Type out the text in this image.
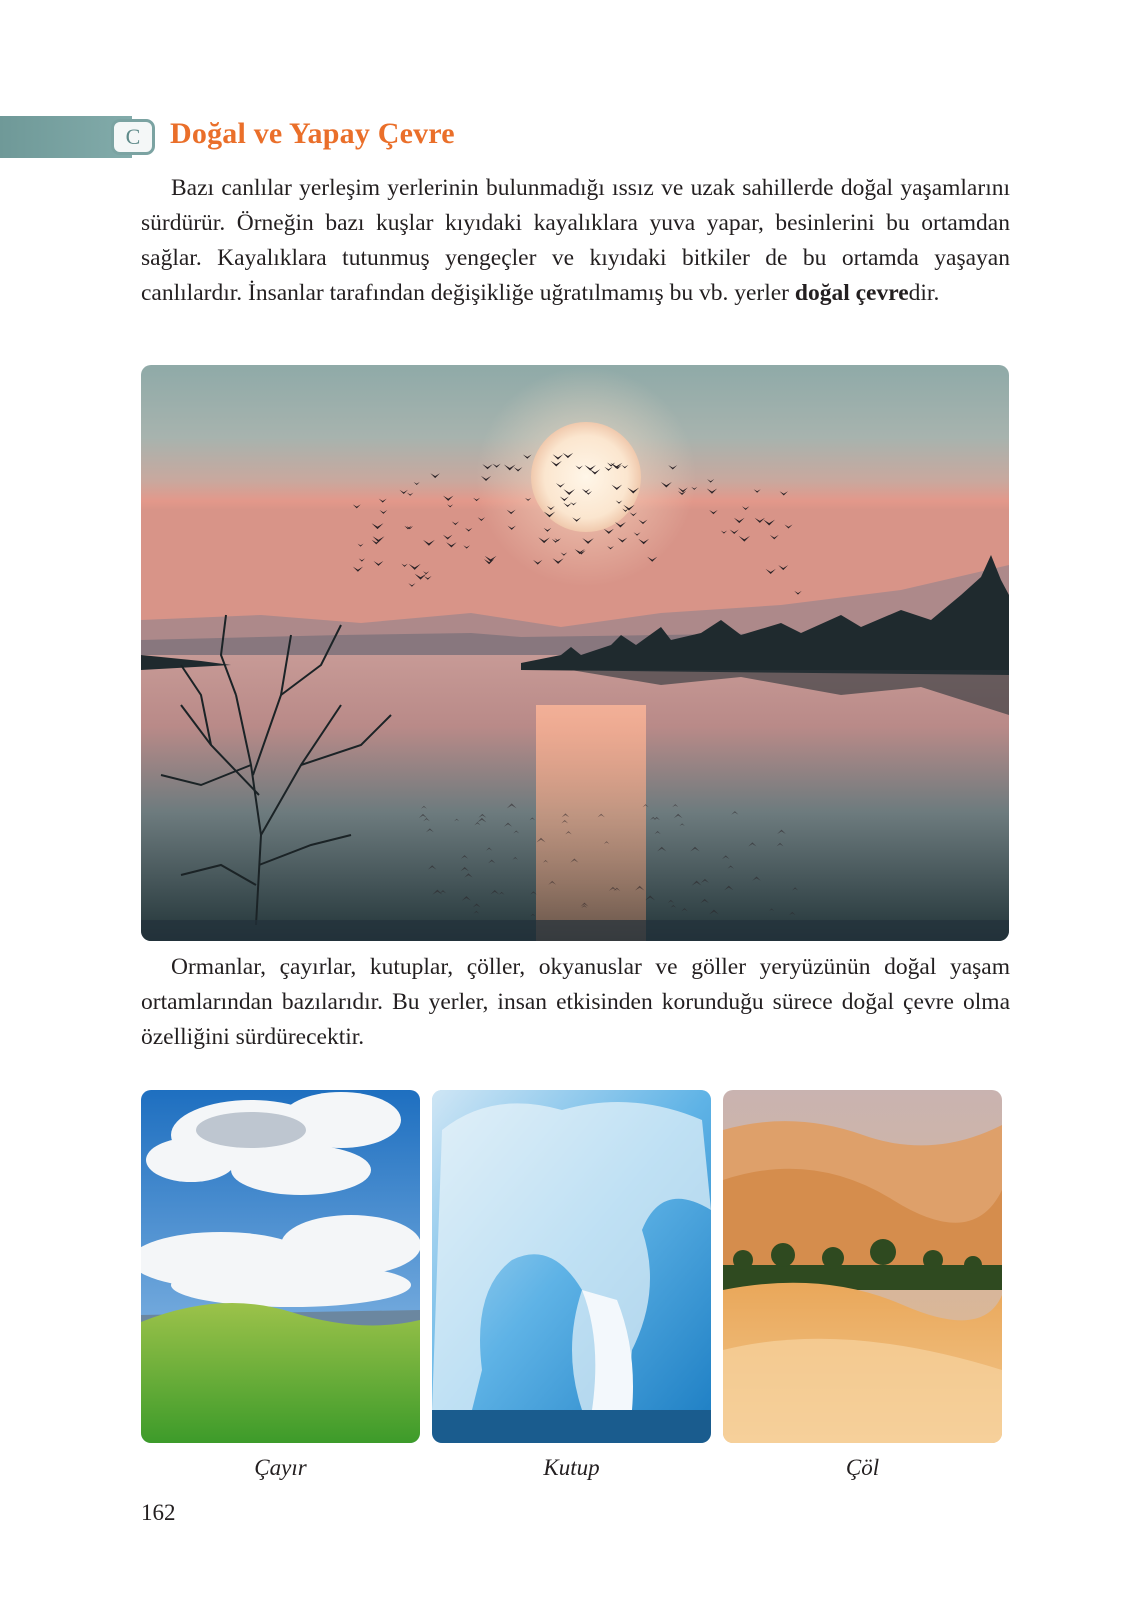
C Doğal ve Yapay Çevre

Bazı canlılar yerleşim yerlerinin bulunmadığı ıssız ve uzak sahillerde doğal yaşamlarını sürdürür. Örneğin bazı kuşlar kıyıdaki kayalıklara yuva yapar, besinlerini bu ortamdan sağlar. Kayalıklara tutunmuş yengeçler ve kıyıdaki bitkiler de bu ortamda yaşayan canlılardır. İnsanlar tarafından değişikliğe uğratılmamış bu vb. yerler doğal çevredir.

Ormanlar, çayırlar, kutuplar, çöller, okyanuslar ve göller yeryüzünün doğal yaşam ortamlarından bazılarıdır. Bu yerler, insan etkisinden korunduğu sürece doğal çevre olma özelliğini sürdürecektir.

Çayır	Kutup	Çöl
162
